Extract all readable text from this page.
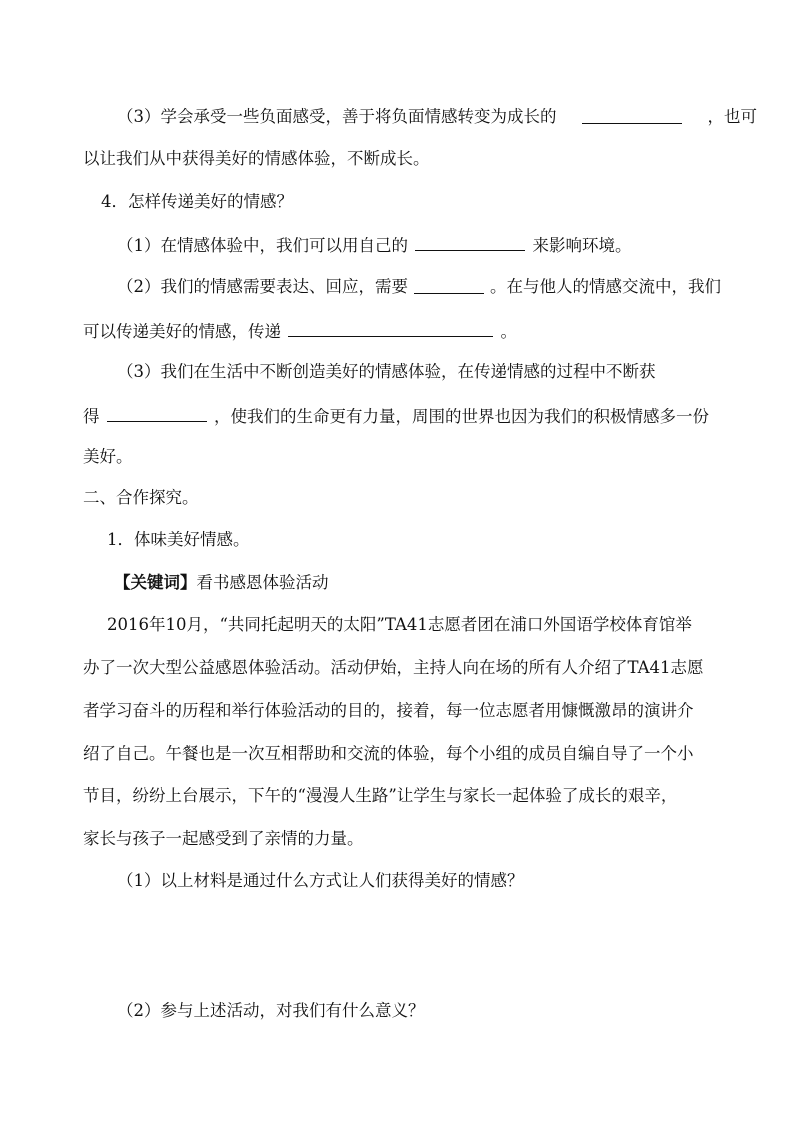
（3）学会承受一些负面感受，善于将负面情感转变为成长的	，也可
以让我们从中获得美好的情感体验，不断成长。
4．怎样传递美好的情感？
（1）在情感体验中，我们可以用自己的	来影响环境。
（2）我们的情感需要表达、回应，需要	。在与他人的情感交流中，我们
可以传递美好的情感，传递	。
（3）我们在生活中不断创造美好的情感体验，在传递情感的过程中不断获
得	，使我们的生命更有力量，周围的世界也因为我们的积极情感多一份
美好。
二、合作探究。
1．体味美好情感。
【关键词】看书感恩体验活动
2016年10月，“共同托起明天的太阳”TA41志愿者团在浦口外国语学校体育馆举
办了一次大型公益感恩体验活动。活动伊始，主持人向在场的所有人介绍了TA41志愿
者学习奋斗的历程和举行体验活动的目的，接着，每一位志愿者用慷慨激昂的演讲介
绍了自己。午餐也是一次互相帮助和交流的体验，每个小组的成员自编自导了一个小
节目，纷纷上台展示，下午的“漫漫人生路”让学生与家长一起体验了成长的艰辛，
家长与孩子一起感受到了亲情的力量。
（1）以上材料是通过什么方式让人们获得美好的情感？
（2）参与上述活动，对我们有什么意义？
